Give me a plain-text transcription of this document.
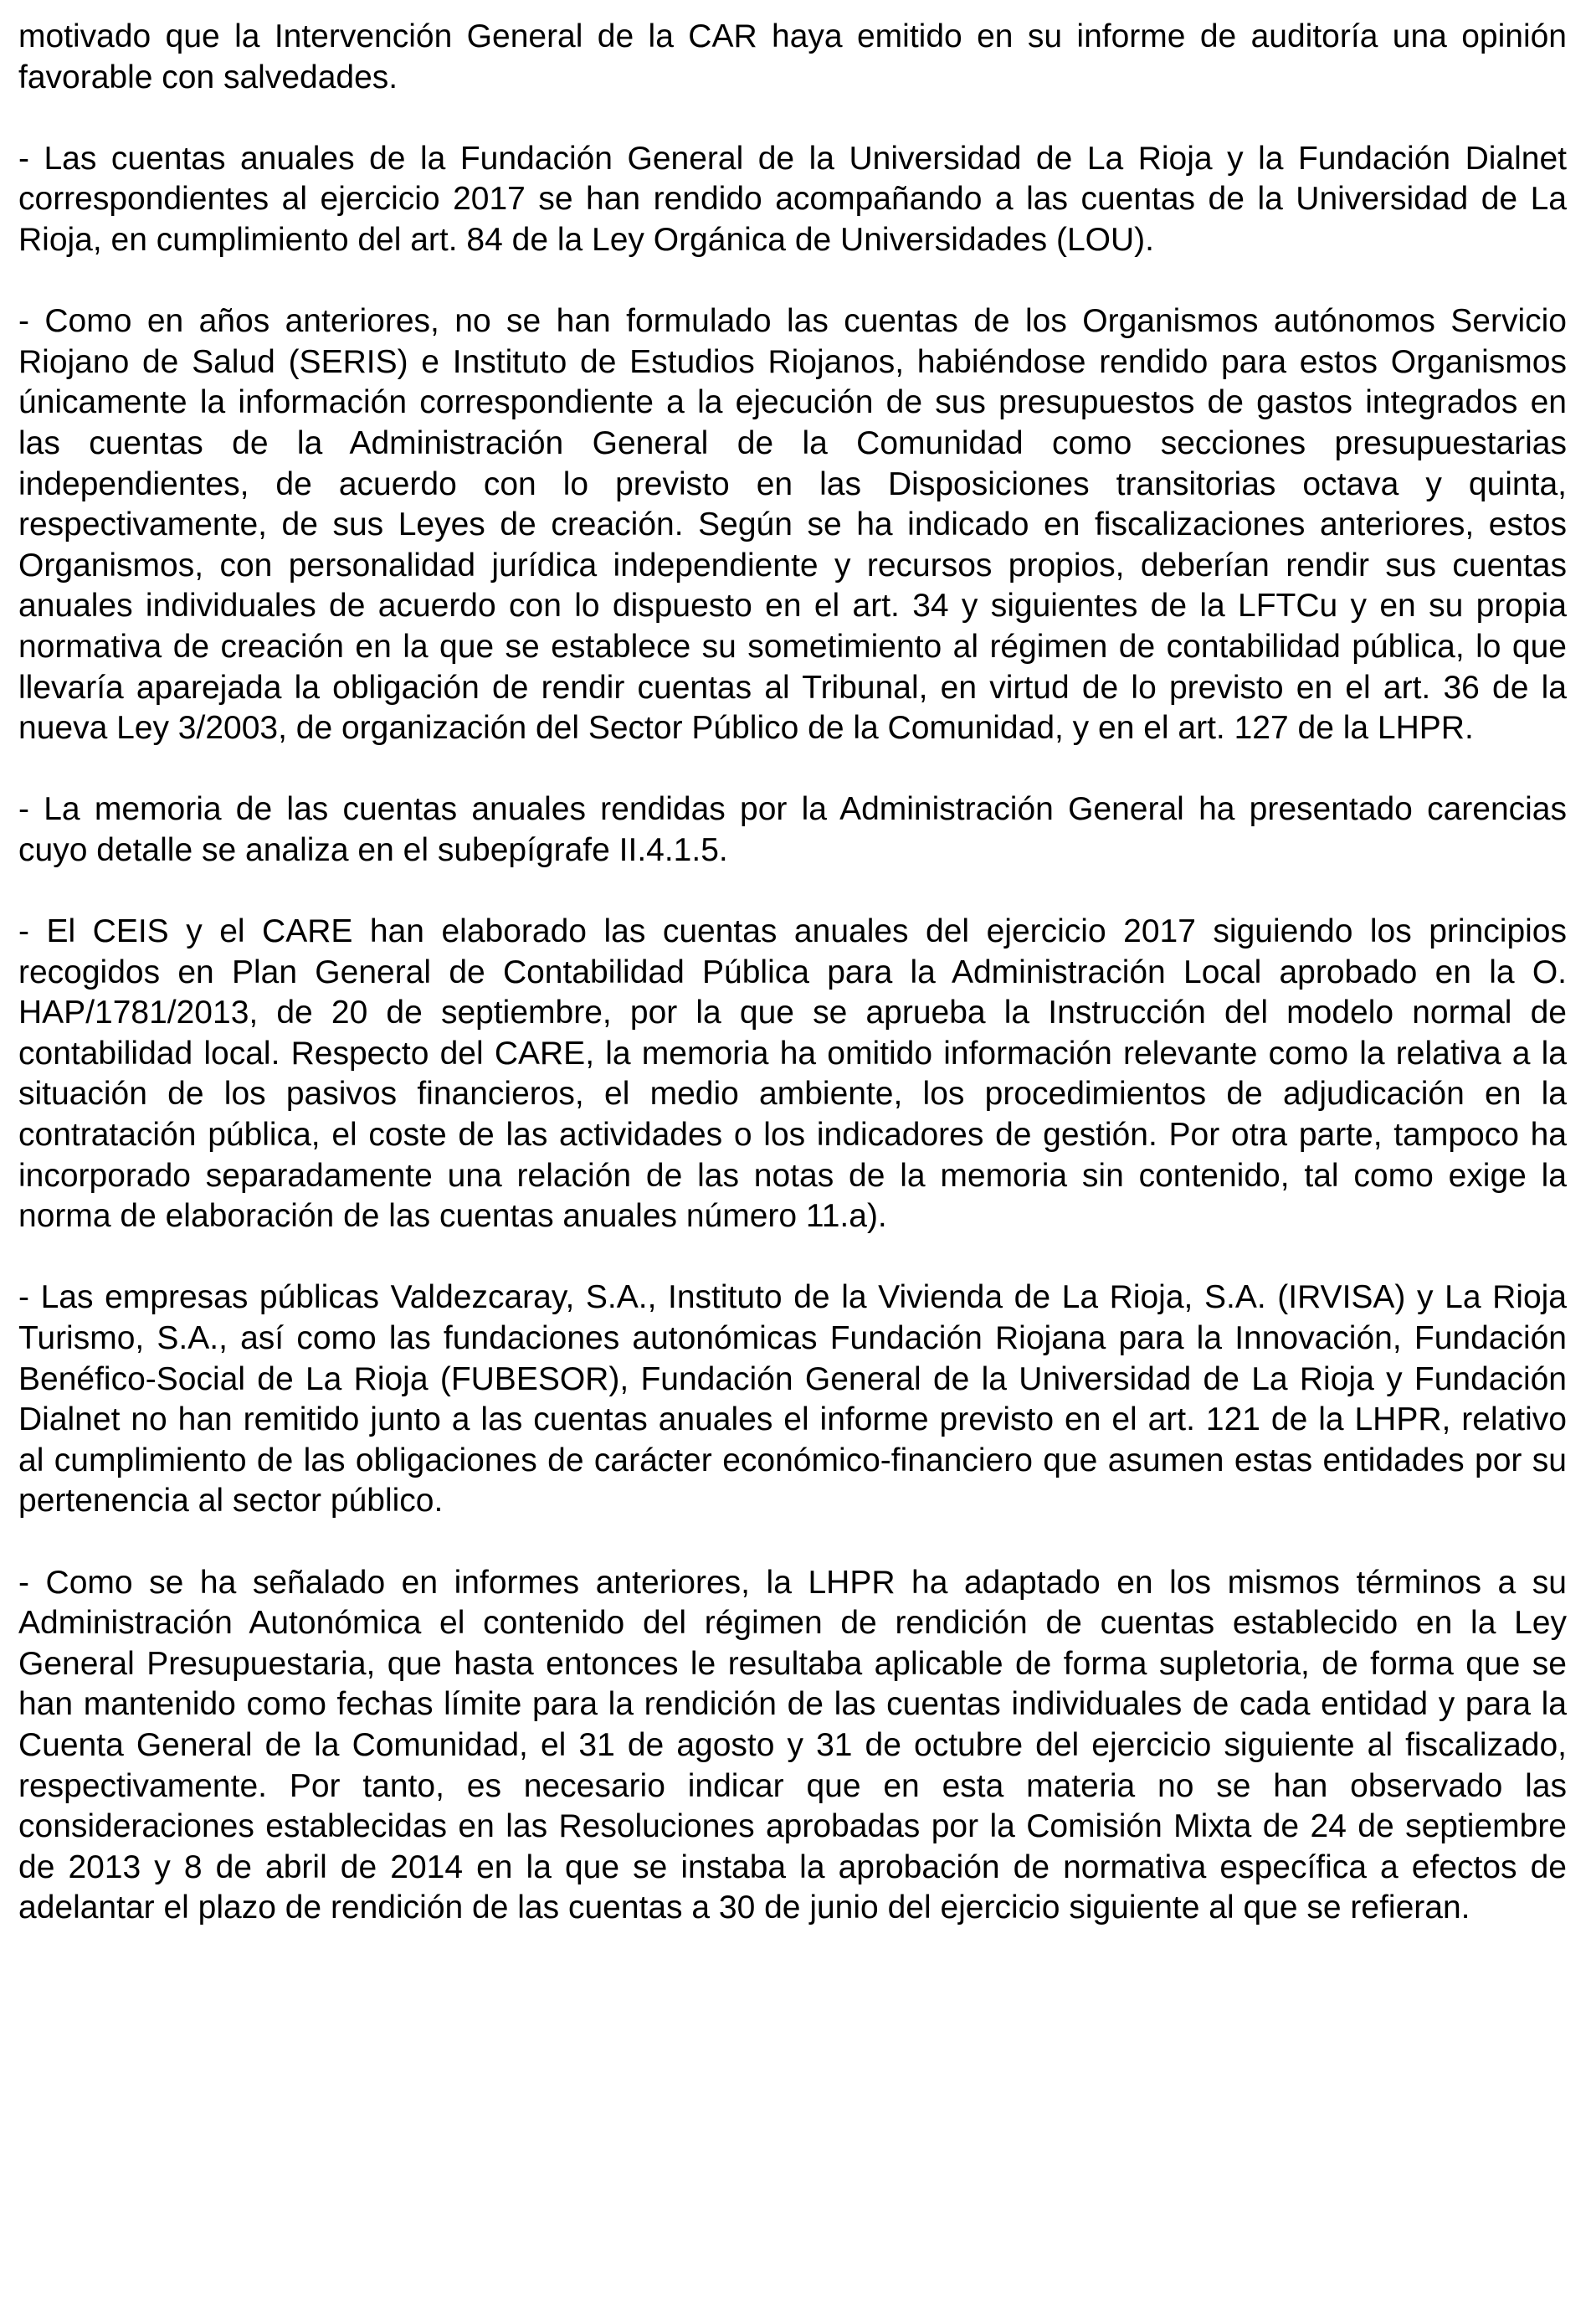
motivado que la Intervención General de la CAR haya emitido en su informe de auditoría una opinión favorable con salvedades.

- Las cuentas anuales de la Fundación General de la Universidad de La Rioja y la Fundación Dialnet correspondientes al ejercicio 2017 se han rendido acompañando a las cuentas de la Universidad de La Rioja, en cumplimiento del art. 84 de la Ley Orgánica de Universidades (LOU).

- Como en años anteriores, no se han formulado las cuentas de los Organismos autónomos Servicio Riojano de Salud (SERIS) e Instituto de Estudios Riojanos, habiéndose rendido para estos Organismos únicamente la información correspondiente a la ejecución de sus presupuestos de gastos integrados en las cuentas de la Administración General de la Comunidad como secciones presupuestarias independientes, de acuerdo con lo previsto en las Disposiciones transitorias octava y quinta, respectivamente, de sus Leyes de creación. Según se ha indicado en fiscalizaciones anteriores, estos Organismos, con personalidad jurídica independiente y recursos propios, deberían rendir sus cuentas anuales individuales de acuerdo con lo dispuesto en el art. 34 y siguientes de la LFTCu y en su propia normativa de creación en la que se establece su sometimiento al régimen de contabilidad pública, lo que llevaría aparejada la obligación de rendir cuentas al Tribunal, en virtud de lo previsto en el art. 36 de la nueva Ley 3/2003, de organización del Sector Público de la Comunidad, y en el art. 127 de la LHPR.

- La memoria de las cuentas anuales rendidas por la Administración General ha presentado carencias cuyo detalle se analiza en el subepígrafe II.4.1.5.

- El CEIS y el CARE han elaborado las cuentas anuales del ejercicio 2017 siguiendo los principios recogidos en Plan General de Contabilidad Pública para la Administración Local aprobado en la O. HAP/1781/2013, de 20 de septiembre, por la que se aprueba la Instrucción del modelo normal de contabilidad local. Respecto del CARE, la memoria ha omitido información relevante como la relativa a la situación de los pasivos financieros, el medio ambiente, los procedimientos de adjudicación en la contratación pública, el coste de las actividades o los indicadores de gestión. Por otra parte, tampoco ha incorporado separadamente una relación de las notas de la memoria sin contenido, tal como exige la norma de elaboración de las cuentas anuales número 11.a).

- Las empresas públicas Valdezcaray, S.A., Instituto de la Vivienda de La Rioja, S.A. (IRVISA) y La Rioja Turismo, S.A., así como las fundaciones autonómicas Fundación Riojana para la Innovación, Fundación Benéfico-Social de La Rioja (FUBESOR), Fundación General de la Universidad de La Rioja y Fundación Dialnet no han remitido junto a las cuentas anuales el informe previsto en el art. 121 de la LHPR, relativo al cumplimiento de las obligaciones de carácter económico-financiero que asumen estas entidades por su pertenencia al sector público.

- Como se ha señalado en informes anteriores, la LHPR ha adaptado en los mismos términos a su Administración Autonómica el contenido del régimen de rendición de cuentas establecido en la Ley General Presupuestaria, que hasta entonces le resultaba aplicable de forma supletoria, de forma que se han mantenido como fechas límite para la rendición de las cuentas individuales de cada entidad y para la Cuenta General de la Comunidad, el 31 de agosto y 31 de octubre del ejercicio siguiente al fiscalizado, respectivamente. Por tanto, es necesario indicar que en esta materia no se han observado las consideraciones establecidas en las Resoluciones aprobadas por la Comisión Mixta de 24 de septiembre de 2013 y 8 de abril de 2014 en la que se instaba la aprobación de normativa específica a efectos de adelantar el plazo de rendición de las cuentas a 30 de junio del ejercicio siguiente al que se refieran.
